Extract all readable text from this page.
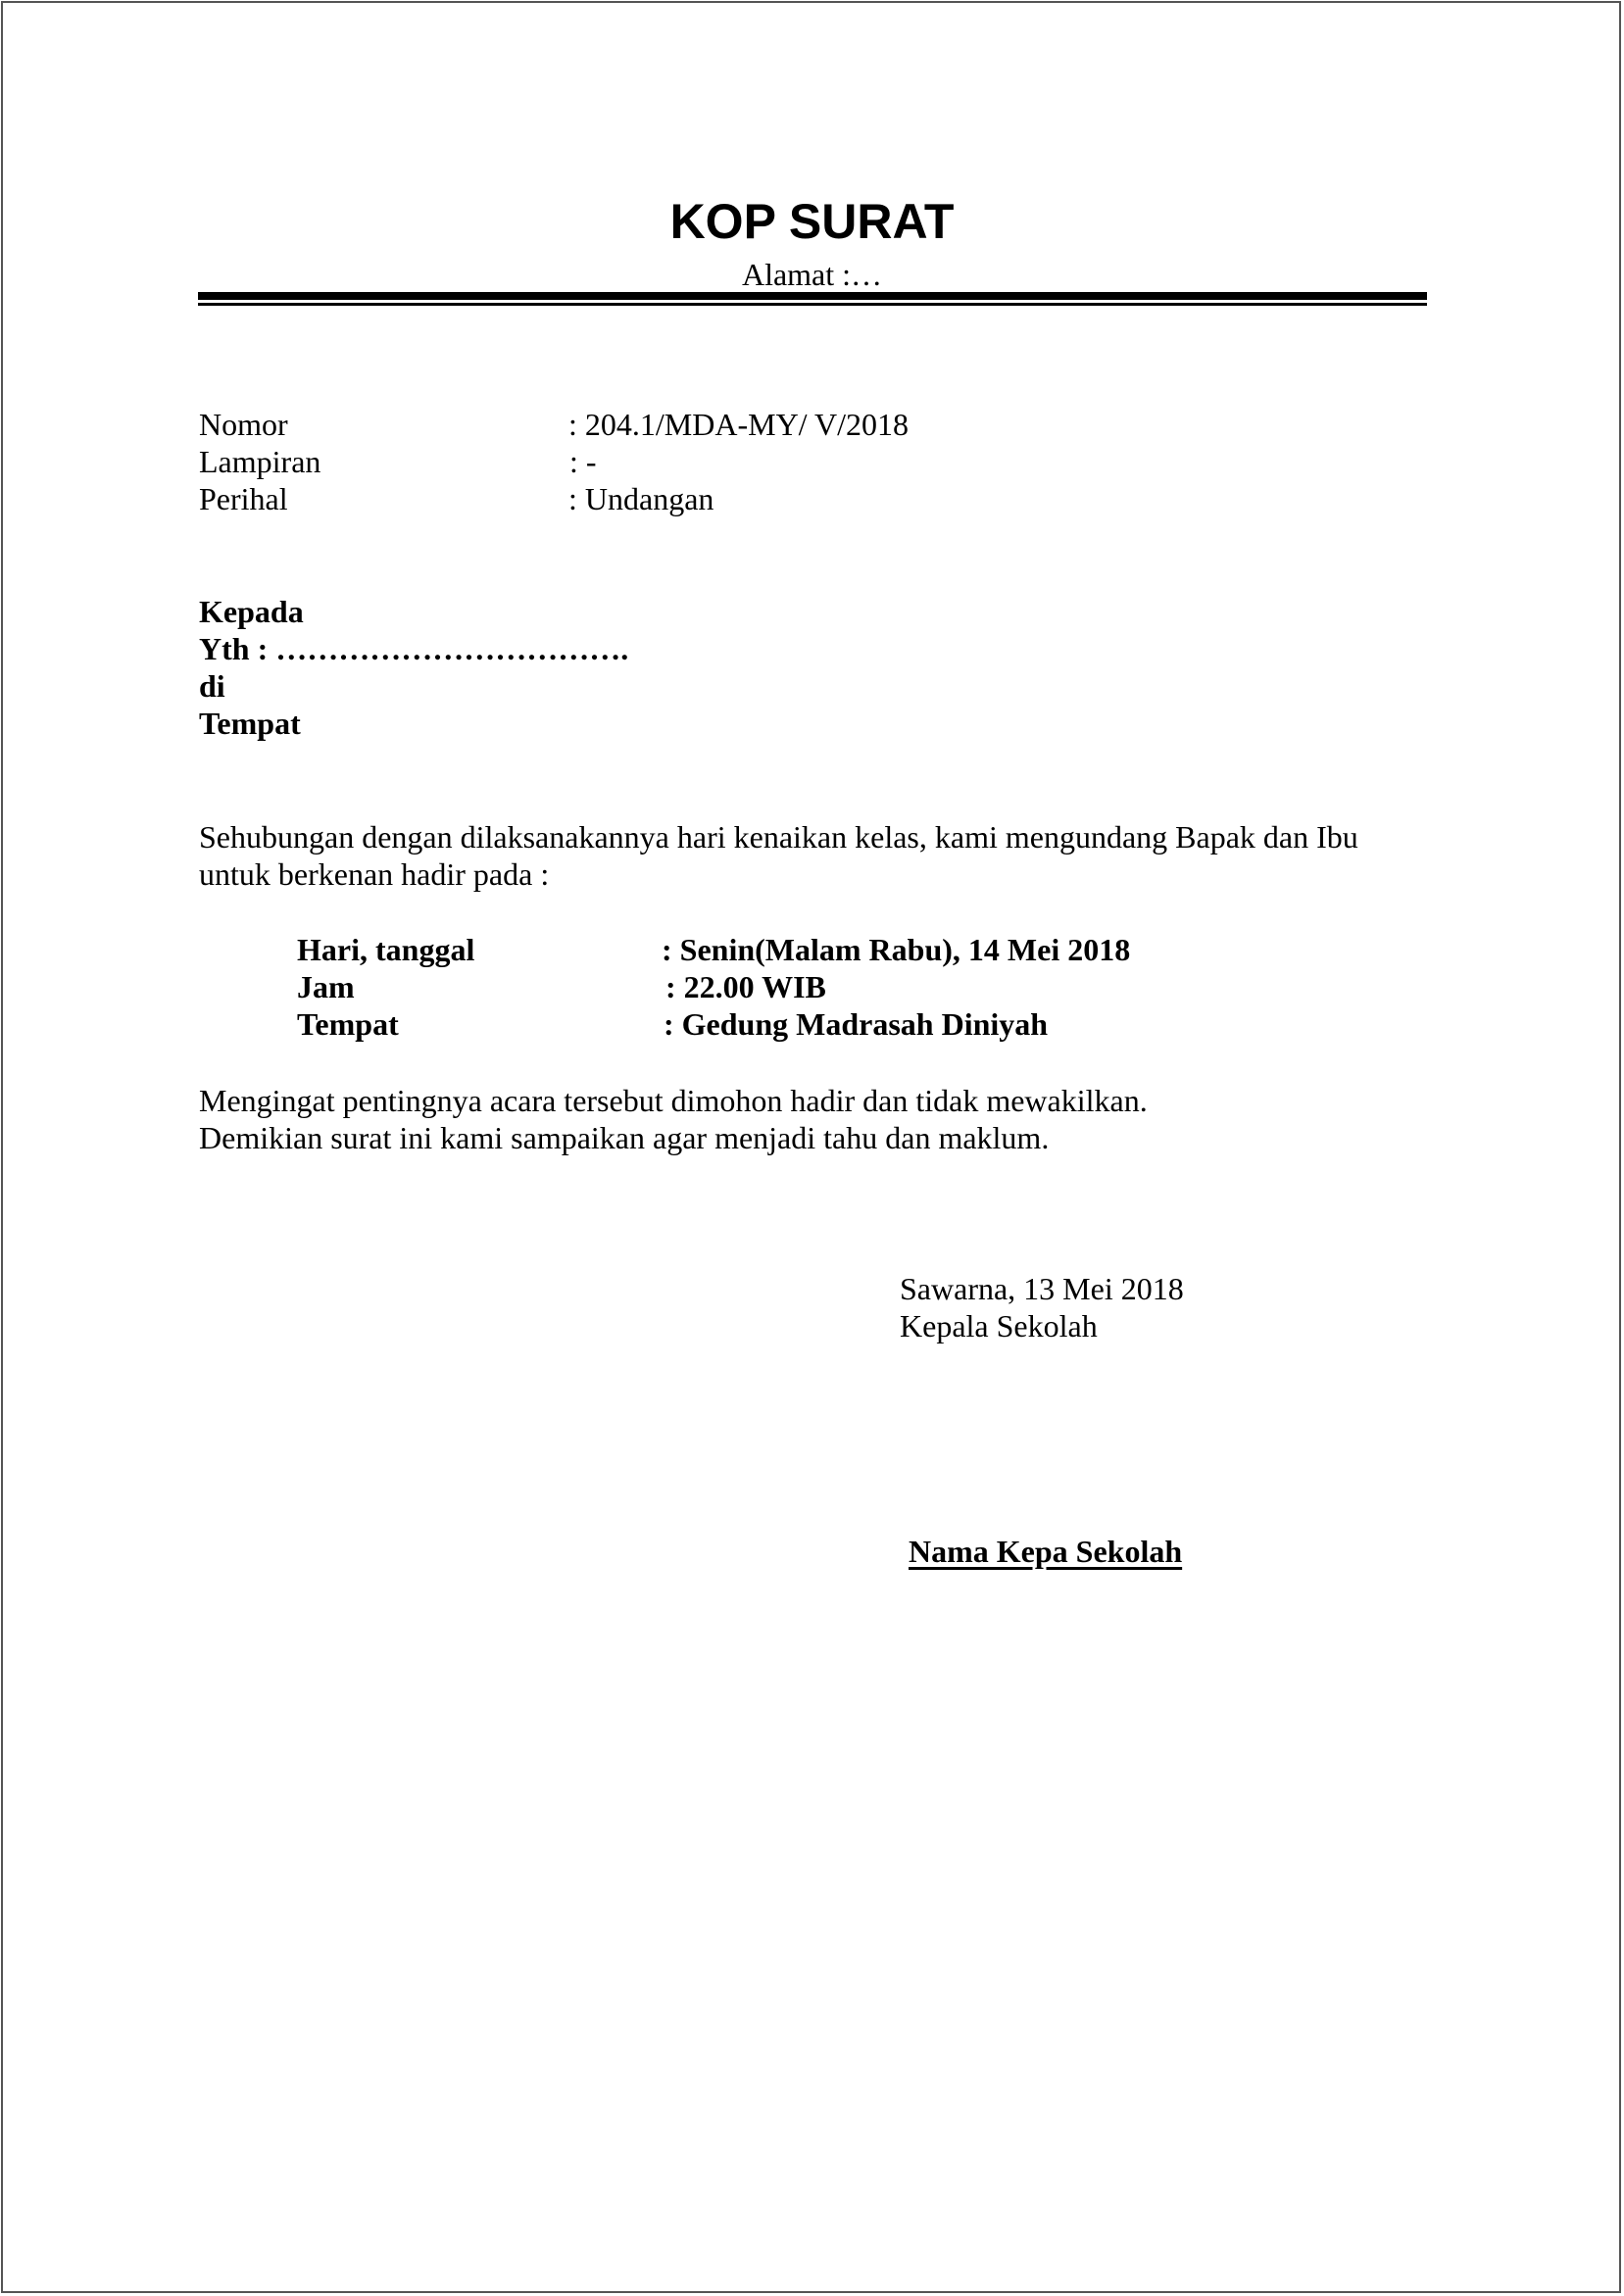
KOP SURAT
Alamat :…
Nomor	: 204.1/MDA-MY/ V/2018
Lampiran	: -
Perihal	: Undangan
Kepada
Yth : …………………………….
di
Tempat
Sehubungan dengan dilaksanakannya hari kenaikan kelas, kami mengundang Bapak dan Ibu
untuk berkenan hadir pada :
Hari, tanggal	: Senin(Malam Rabu), 14 Mei 2018
Jam	: 22.00 WIB
Tempat	: Gedung Madrasah Diniyah
Mengingat pentingnya acara tersebut dimohon hadir dan tidak mewakilkan.
Demikian surat ini kami sampaikan agar menjadi tahu dan maklum.
Sawarna, 13 Mei 2018
Kepala Sekolah
Nama Kepa Sekolah
